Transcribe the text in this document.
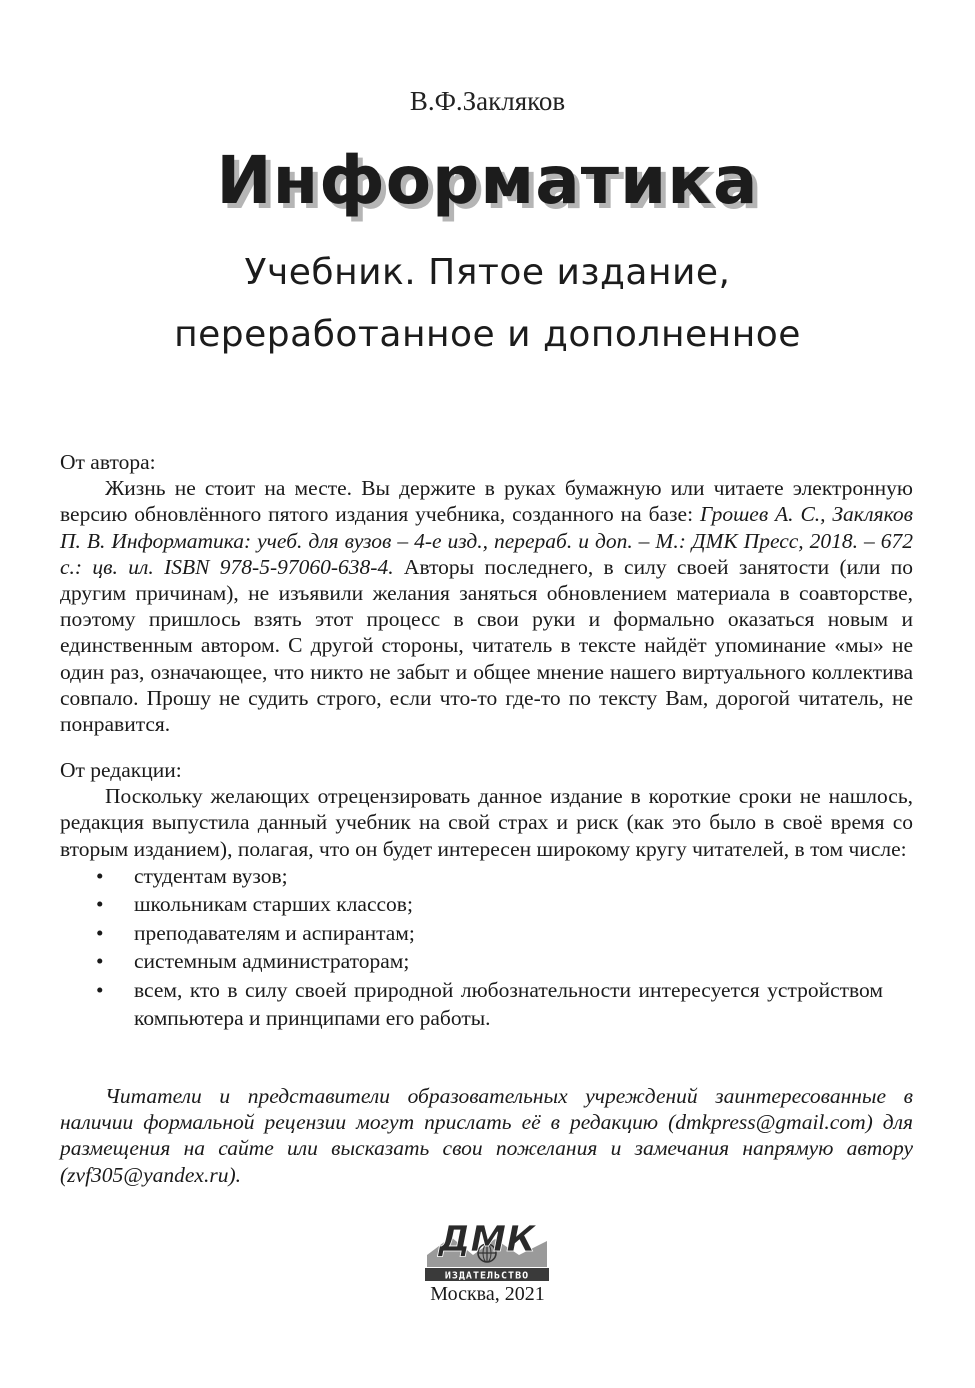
В.Ф.Закляков
Информатика
Учебник. Пятое издание,
переработанное и дополненное

От автора:

Жизнь не стоит на месте. Вы держите в руках бумажную или читаете электронную версию обновлённого пятого издания учебника, созданного на базе: Грошев А. С., Закляков П. В. Информатика: учеб. для вузов – 4-е изд., перераб. и доп. – М.: ДМК Пресс, 2018. – 672 с.: цв. ил. ISBN 978-5-97060-638-4. Авторы последнего, в силу своей занятости (или по другим причинам), не изъявили желания заняться обновлением материала в соавторстве, поэтому пришлось взять этот процесс в свои руки и формально оказаться новым и единственным автором. С другой стороны, читатель в тексте найдёт упоминание «мы» не один раз, означающее, что никто не забыт и общее мнение нашего виртуального коллектива совпало. Прошу не судить строго, если что-то где-то по тексту Вам, дорогой читатель, не понравится.

От редакции:

Поскольку желающих отрецензировать данное издание в короткие сроки не нашлось, редакция выпустила данный учебник на свой страх и риск (как это было в своё время со вторым изданием), полагая, что он будет интересен широкому кругу читателей, в том числе:

• студентам вузов;
• школьникам старших классов;
• преподавателям и аспирантам;
• системным администраторам;
• всем, кто в силу своей природной любознательности интересуется устройством компьютера и принципами его работы.

Читатели и представители образовательных учреждений заинтересованные в наличии формальной рецензии могут прислать её в редакцию (dmkpress@gmail.com) для размещения на сайте или высказать свои пожелания и замечания напрямую автору (zvf305@yandex.ru).

ДМК
ИЗДАТЕЛЬСТВО
Москва, 2021
